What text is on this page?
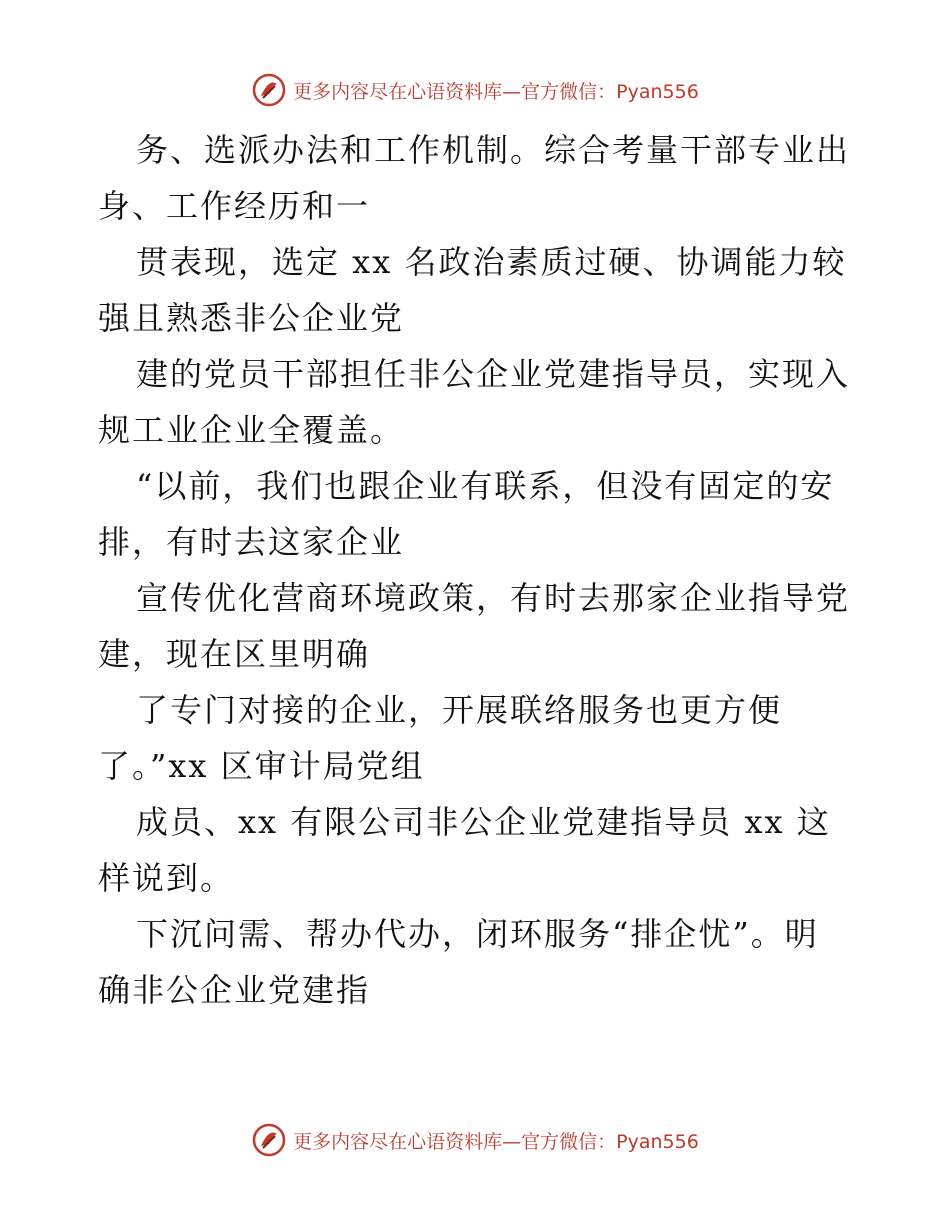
更多内容尽在心语资料库—官方微信：Pyan556
务、选派办法和工作机制。综合考量干部专业出
身、工作经历和一
贯表现，选定 xx 名政治素质过硬、协调能力较
强且熟悉非公企业党
建的党员干部担任非公企业党建指导员，实现入
规工业企业全覆盖。
“以前，我们也跟企业有联系，但没有固定的安
排，有时去这家企业
宣传优化营商环境政策，有时去那家企业指导党
建，现在区里明确
了专门对接的企业，开展联络服务也更方便
了。”xx 区审计局党组
成员、xx 有限公司非公企业党建指导员 xx 这
样说到。
下沉问需、帮办代办，闭环服务“排企忧”。明
确非公企业党建指
更多内容尽在心语资料库—官方微信：Pyan556
